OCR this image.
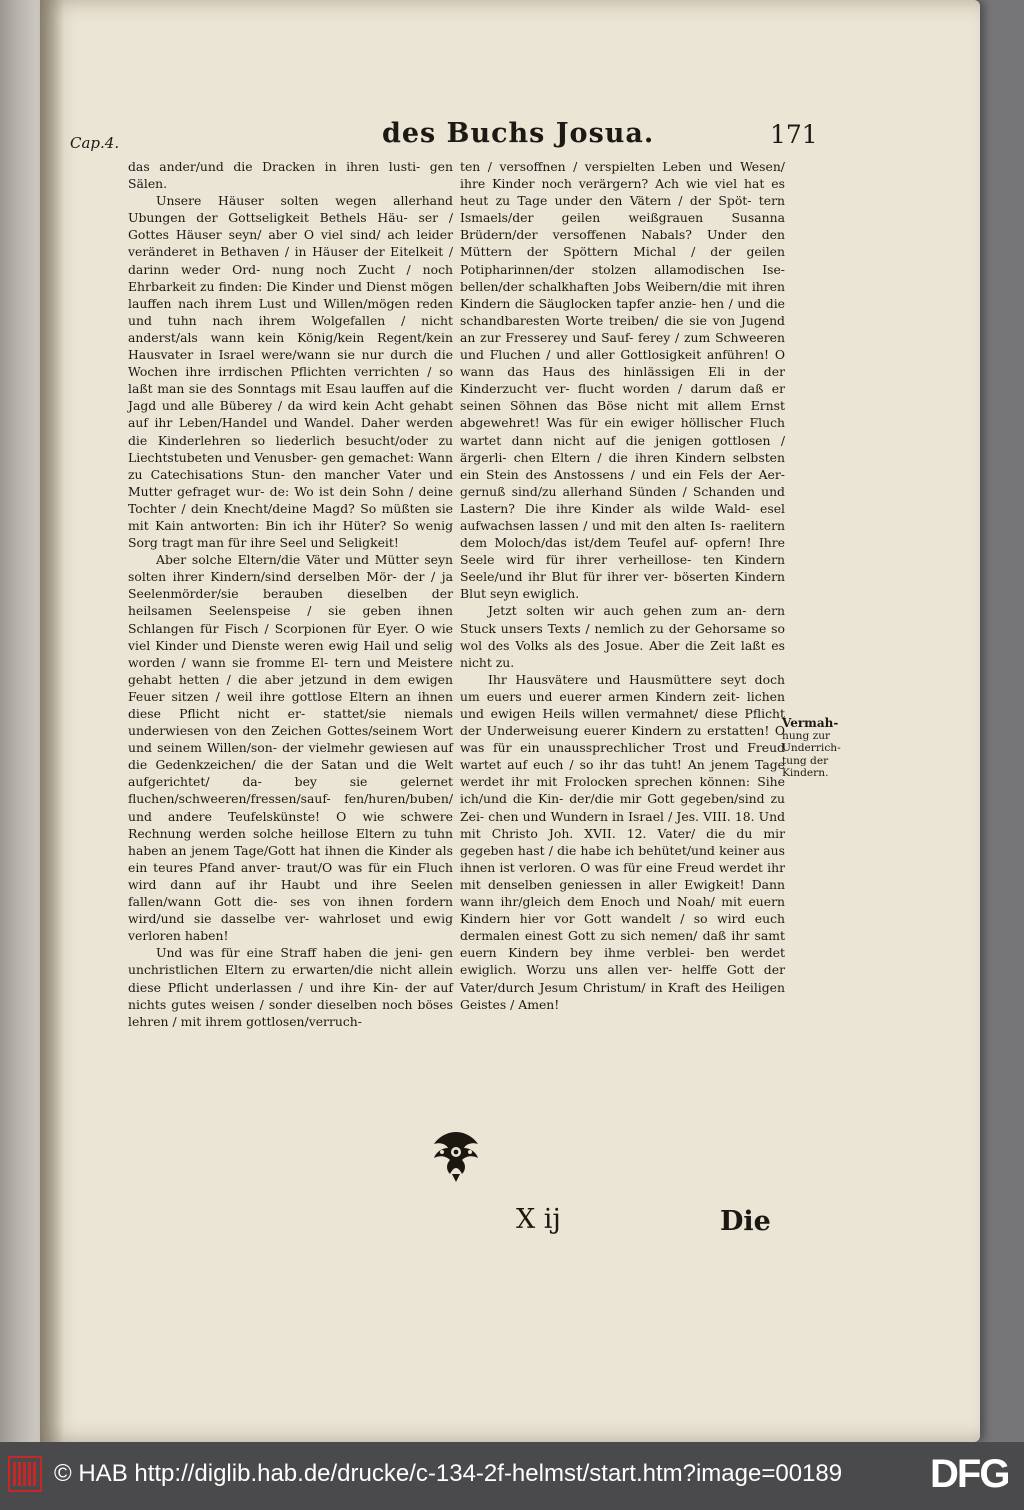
Cap.4.	des Buchs Josua.	171

das ander/und die Dracken in ihren lusti- gen Sälen.

Unsere Häuser solten wegen allerhand Ubungen der Gottseligkeit Bethels Häu- ser / Gottes Häuser seyn/ aber O viel sind/ ach leider veränderet in Bethaven / in Häuser der Eitelkeit / darinn weder Ord- nung noch Zucht / noch Ehrbarkeit zu finden: Die Kinder und Dienst mögen lauffen nach ihrem Lust und Willen/mögen reden und tuhn nach ihrem Wolgefallen / nicht anderst/als wann kein König/kein Regent/kein Hausvater in Israel were/wann sie nur durch die Wochen ihre irrdischen Pflichten verrichten / so laßt man sie des Sonntags mit Esau lauffen auf die Jagd und alle Büberey / da wird kein Acht gehabt auf ihr Leben/Handel und Wandel. Daher werden die Kinderlehren so liederlich besucht/oder zu Liechtstubeten und Venusber- gen gemachet: Wann zu Catechisations Stun- den mancher Vater und Mutter gefraget wur- de: Wo ist dein Sohn / deine Tochter / dein Knecht/deine Magd? So müßten sie mit Kain antworten: Bin ich ihr Hüter? So wenig Sorg tragt man für ihre Seel und Seligkeit!

Aber solche Eltern/die Väter und Mütter seyn solten ihrer Kindern/sind derselben Mör- der / ja Seelenmörder/sie berauben dieselben der heilsamen Seelenspeise / sie geben ihnen Schlangen für Fisch / Scorpionen für Eyer. O wie viel Kinder und Dienste weren ewig Hail und selig worden / wann sie fromme El- tern und Meistere gehabt hetten / die aber jetzund in dem ewigen Feuer sitzen / weil ihre gottlose Eltern an ihnen diese Pflicht nicht er- stattet/sie niemals underwiesen von den Zeichen Gottes/seinem Wort und seinem Willen/son- der vielmehr gewiesen auf die Gedenkzeichen/ die der Satan und die Welt aufgerichtet/ da- bey sie gelernet fluchen/schweeren/fressen/sauf- fen/huren/buben/ und andere Teufelskünste! O wie schwere Rechnung werden solche heillose Eltern zu tuhn haben an jenem Tage/Gott hat ihnen die Kinder als ein teures Pfand anver- traut/O was für ein Fluch wird dann auf ihr Haubt und ihre Seelen fallen/wann Gott die- ses von ihnen fordern wird/und sie dasselbe ver- wahrloset und ewig verloren haben!

Und was für eine Straff haben die jeni- gen unchristlichen Eltern zu erwarten/die nicht allein diese Pflicht underlassen / und ihre Kin- der auf nichts gutes weisen / sonder dieselben noch böses lehren / mit ihrem gottlosen/verruch-

ten / versoffnen / verspielten Leben und Wesen/ ihre Kinder noch verärgern? Ach wie viel hat es heut zu Tage under den Vätern / der Spöt- tern Ismaels/der geilen weißgrauen Susanna Brüdern/der versoffenen Nabals? Under den Müttern der Spöttern Michal / der geilen Potipharinnen/der stolzen allamodischen Ise- bellen/der schalkhaften Jobs Weibern/die mit ihren Kindern die Säuglocken tapfer anzie- hen / und die schandbaresten Worte treiben/ die sie von Jugend an zur Fresserey und Sauf- ferey / zum Schweeren und Fluchen / und aller Gottlosigkeit anführen! O wann das Haus des hinlässigen Eli in der Kinderzucht ver- flucht worden / darum daß er seinen Söhnen das Böse nicht mit allem Ernst abgewehret! Was für ein ewiger höllischer Fluch wartet dann nicht auf die jenigen gottlosen / ärgerli- chen Eltern / die ihren Kindern selbsten ein Stein des Anstossens / und ein Fels der Aer- gernuß sind/zu allerhand Sünden / Schanden und Lastern? Die ihre Kinder als wilde Wald- esel aufwachsen lassen / und mit den alten Is- raelitern dem Moloch/das ist/dem Teufel auf- opfern! Ihre Seele wird für ihrer verheillose- ten Kindern Seele/und ihr Blut für ihrer ver- böserten Kindern Blut seyn ewiglich.

Jetzt solten wir auch gehen zum an- dern Stuck unsers Texts / nemlich zu der Gehorsame so wol des Volks als des Josue. Aber die Zeit laßt es nicht zu.

Ihr Hausvätere und Hausmüttere seyt doch um euers und euerer armen Kindern zeit- lichen und ewigen Heils willen vermahnet/ diese Pflicht der Underweisung euerer Kindern zu erstatten! O was für ein unaussprechlicher Trost und Freud wartet auf euch / so ihr das tuht! An jenem Tage werdet ihr mit Frolocken sprechen können: Sihe ich/und die Kin- der/die mir Gott gegeben/sind zu Zei- chen und Wundern in Israel / Jes. VIII. 18. Und mit Christo Joh. XVII. 12. Vater/ die du mir gegeben hast / die habe ich behütet/und keiner aus ihnen ist verloren. O was für eine Freud werdet ihr mit denselben geniessen in aller Ewigkeit! Dann wann ihr/gleich dem Enoch und Noah/ mit euern Kindern hier vor Gott wandelt / so wird euch dermalen einest Gott zu sich nemen/ daß ihr samt euern Kindern bey ihme verblei- ben werdet ewiglich. Worzu uns allen ver- helffe Gott der Vater/durch Jesum Christum/ in Kraft des Heiligen Geistes / Amen!

Vermah-
nung zur
Underrich-
tung der
Kindern.
X ij	Die
© HAB http://diglib.hab.de/drucke/c-134-2f-helmst/start.htm?image=00189 DFG
